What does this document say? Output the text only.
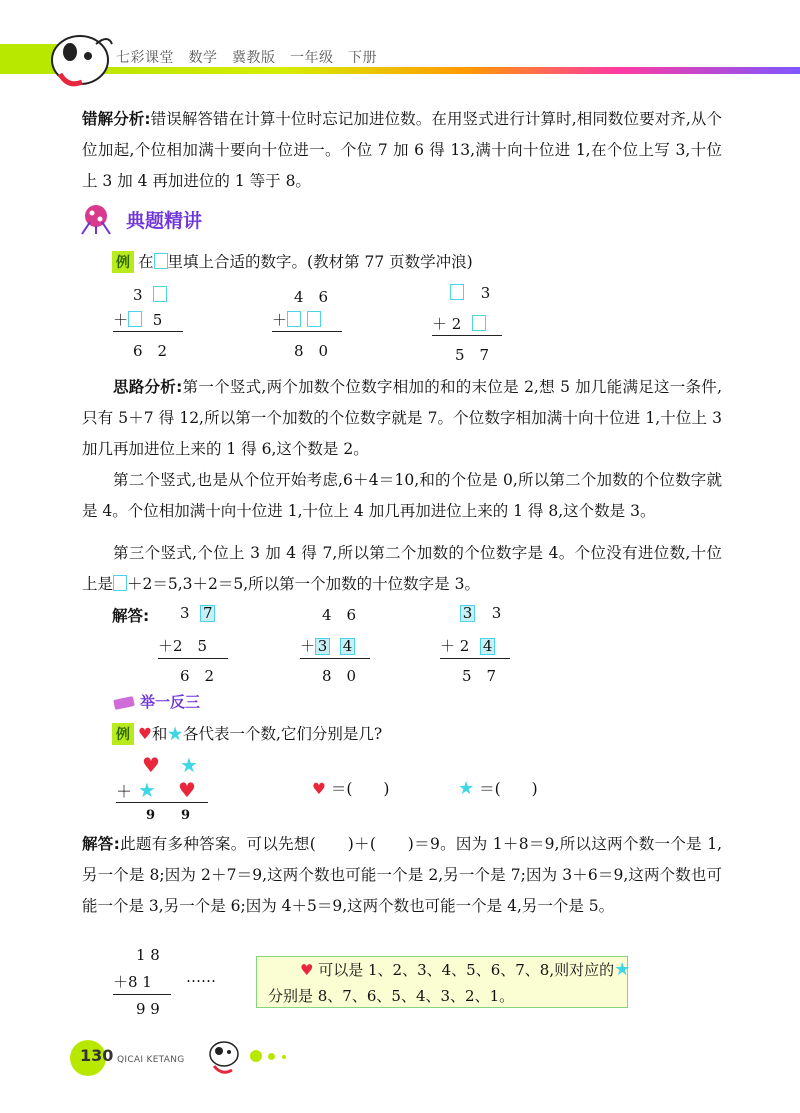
七彩课堂　数学　冀教版　一年级　下册
错解分析:错误解答错在计算十位时忘记加进位数。在用竖式进行计算时,相同数位要对齐,从个位加起,个位相加满十要向十位进一。个位 7 加 6 得 13,满十向十位进 1,在个位上写 3,十位上 3 加 4 再加进位的 1 等于 8。
典题精讲
例 在 里填上合适的数字。(教材第 77 页数学冲浪)
3
＋ 5
6　2
4　6
＋
8　0
3
＋ 2
5　7
思路分析:第一个竖式,两个加数个位数字相加的和的末位是 2,想 5 加几能满足这一条件,只有 5＋7 得 12,所以第一个加数的个位数字就是 7。个位数字相加满十向十位进 1,十位上 3 加几再加进位上来的 1 得 6,这个数是 2。
第二个竖式,也是从个位开始考虑,6＋4＝10,和的个位是 0,所以第二个加数的个位数字就是 4。个位相加满十向十位进 1,十位上 4 加几再加进位上来的 1 得 8,这个数是 3。
第三个竖式,个位上 3 加 4 得 7,所以第二个加数的个位数字是 4。个位没有进位数,十位上是 ＋2＝5,3＋2＝5,所以第一个加数的十位数字是 3。
解答: 3 7
＋2　5
6　2
4　6
＋ 3 4
8　0
3 3
＋ 2 4
5　7
举一反三
例 ♥和★各代表一个数,它们分别是几?
♥ ★
＋ ★ ♥
9 9
♥ ＝(　　)	★ ＝(　　)
解答:此题有多种答案。可以先想(　　)＋(　　)＝9。因为 1＋8＝9,所以这两个数一个是 1,另一个是 8;因为 2＋7＝9,这两个数也可能一个是 2,另一个是 7;因为 3＋6＝9,这两个数也可能一个是 3,另一个是 6;因为 4＋5＝9,这两个数也可能一个是 4,另一个是 5。
1 8
＋8 1
9 9
……	♥ 可以是 1、2、3、4、5、6、7、8,则对应的★
分别是 8、7、6、5、4、3、2、1。
130 QICAI KETANG
